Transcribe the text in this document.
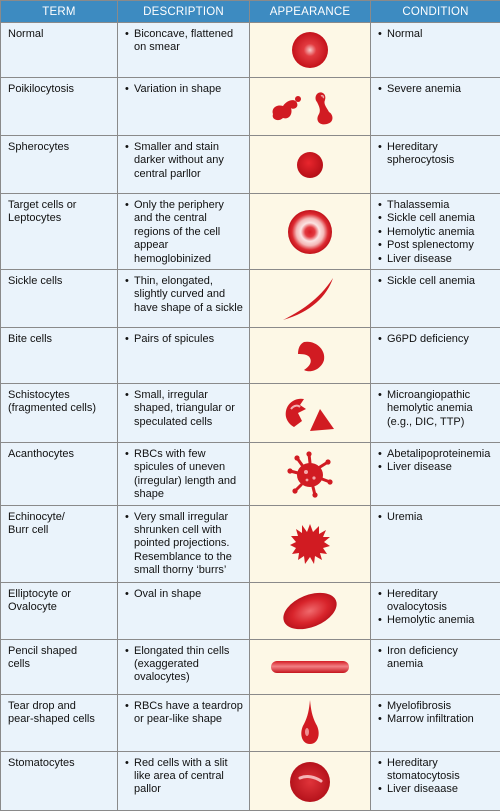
TERM	DESCRIPTION	APPEARANCE	CONDITION
Normal	• Biconcave, flattened on smear		• Normal

Poikilocytosis	• Variation in shape		• Severe anemia

Spherocytes	• Smaller and stain darker without any central parllor		• Hereditary spherocytosis

Target cells or
Leptocytes	• Only the periphery and the central regions of the cell appear hemoglobinized		• Thalassemia
• Sickle cell anemia
• Hemolytic anemia
• Post splenectomy
• Liver disease

Sickle cells	• Thin, elongated, slightly curved and have shape of a sickle		• Sickle cell anemia

Bite cells	• Pairs of spicules		• G6PD deficiency

Schistocytes
(fragmented cells)	• Small, irregular shaped, triangular or speculated cells		• Microangiopathic hemolytic anemia (e.g., DIC, TTP)

Acanthocytes	• RBCs with few spicules of uneven (irregular) length and shape		• Abetalipoproteinemia
• Liver disease

Echinocyte/
Burr cell	• Very small irregular shrunken cell with pointed projections. Resemblance to the small thorny ‘burrs’		• Uremia

Elliptocyte or
Ovalocyte	• Oval in shape		• Hereditary ovalocytosis
• Hemolytic anemia

Pencil shaped
cells	• Elongated thin cells (exaggerated ovalocytes)		• Iron deficiency anemia

Tear drop and
pear-shaped cells	• RBCs have a teardrop or pear-like shape		• Myelofibrosis
• Marrow infiltration

Stomatocytes	• Red cells with a slit like area of central pallor		• Hereditary stomatocytosis
• Liver diseaase
